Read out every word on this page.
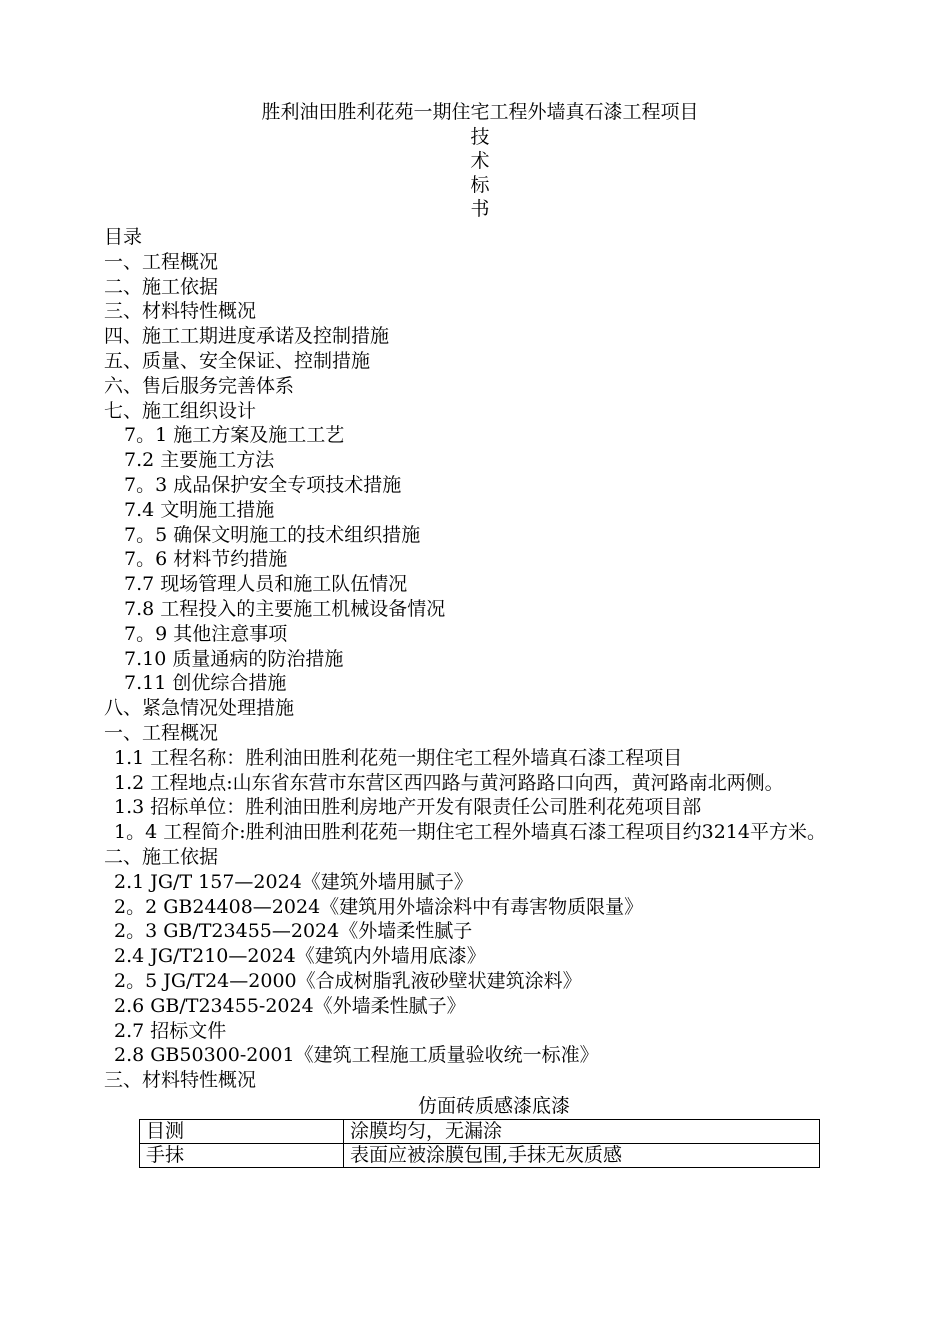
胜利油田胜利花苑一期住宅工程外墙真石漆工程项目
技
术
标
书
目录
一、工程概况
二、施工依据
三、材料特性概况
四、施工工期进度承诺及控制措施
五、质量、安全保证、控制措施
六、售后服务完善体系
七、施工组织设计
7。1 施工方案及施工工艺
7.2 主要施工方法
7。3 成品保护安全专项技术措施
7.4 文明施工措施
7。5 确保文明施工的技术组织措施
7。6 材料节约措施
7.7 现场管理人员和施工队伍情况
7.8 工程投入的主要施工机械设备情况
7。9 其他注意事项
7.10 质量通病的防治措施
7.11 创优综合措施
八、紧急情况处理措施
一、工程概况
1.1 工程名称：胜利油田胜利花苑一期住宅工程外墙真石漆工程项目
1.2 工程地点:山东省东营市东营区西四路与黄河路路口向西，黄河路南北两侧。
1.3 招标单位：胜利油田胜利房地产开发有限责任公司胜利花苑项目部
1。4 工程简介:胜利油田胜利花苑一期住宅工程外墙真石漆工程项目约3214平方米。
二、施工依据
2.1 JG/T 157—2024《建筑外墙用腻子》
2。2 GB24408—2024《建筑用外墙涂料中有毒害物质限量》
2。3 GB/T23455—2024《外墙柔性腻子
2.4 JG/T210—2024《建筑内外墙用底漆》
2。5 JG/T24—2000《合成树脂乳液砂壁状建筑涂料》
2.6 GB/T23455-2024《外墙柔性腻子》
2.7 招标文件
2.8 GB50300-2001《建筑工程施工质量验收统一标准》
三、材料特性概况
仿面砖质感漆底漆
目测	涂膜均匀，无漏涂
手抹	表面应被涂膜包围,手抹无灰质感
